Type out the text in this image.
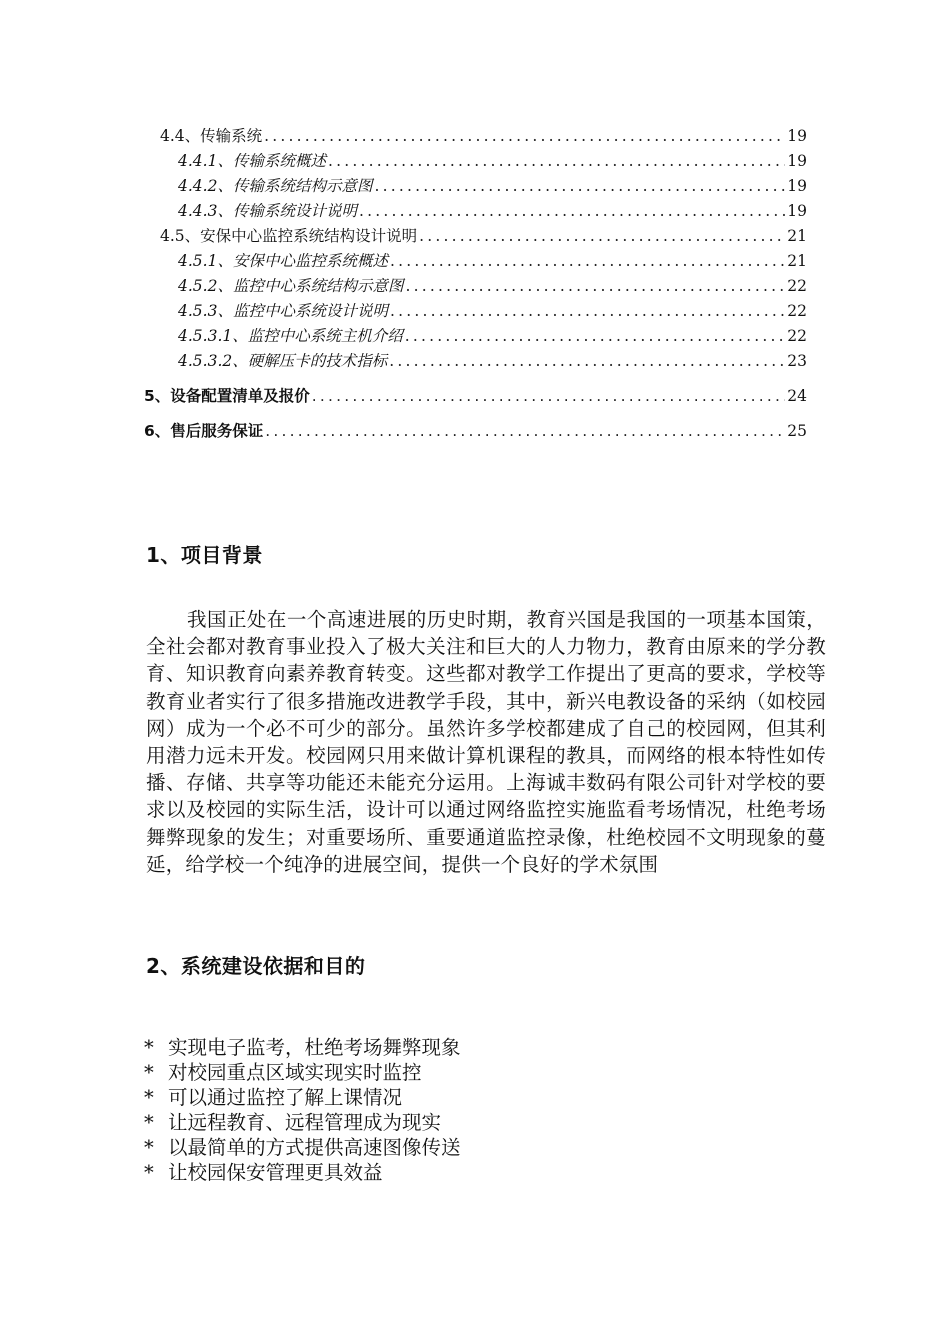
4.4、传输系统 .....	19
4.4.1、传输系统概述 .....	19
4.4.2、传输系统结构示意图 .....	19
4.4.3、传输系统设计说明 .....	19
4.5、安保中心监控系统结构设计说明 .....	21
4.5.1、安保中心监控系统概述 .....	21
4.5.2、监控中心系统结构示意图 .....	22
4.5.3、监控中心系统设计说明 .....	22
4.5.3.1、监控中心系统主机介绍 .....	22
4.5.3.2、硬解压卡的技术指标 .....	23
5、设备配置清单及报价 .....	24
6、售后服务保证 .....	25
1、项目背景

我国正处在一个高速进展的历史时期，教育兴国是我国的一项基本国策，全社会都对教育事业投入了极大关注和巨大的人力物力，教育由原来的学分教育、知识教育向素养教育转变。这些都对教学工作提出了更高的要求，学校等教育业者实行了很多措施改进教学手段，其中，新兴电教设备的采纳（如校园网）成为一个必不可少的部分。虽然许多学校都建成了自己的校园网，但其利用潜力远未开发。校园网只用来做计算机课程的教具，而网络的根本特性如传播、存储、共享等功能还未能充分运用。上海诚丰数码有限公司针对学校的要求以及校园的实际生活，设计可以通过网络监控实施监看考场情况，杜绝考场舞弊现象的发生；对重要场所、重要通道监控录像，杜绝校园不文明现象的蔓延，给学校一个纯净的进展空间，提供一个良好的学术氛围

2、系统建设依据和目的
* 实现电子监考，杜绝考场舞弊现象
* 对校园重点区域实现实时监控
* 可以通过监控了解上课情况
* 让远程教育、远程管理成为现实
* 以最简单的方式提供高速图像传送
* 让校园保安管理更具效益
